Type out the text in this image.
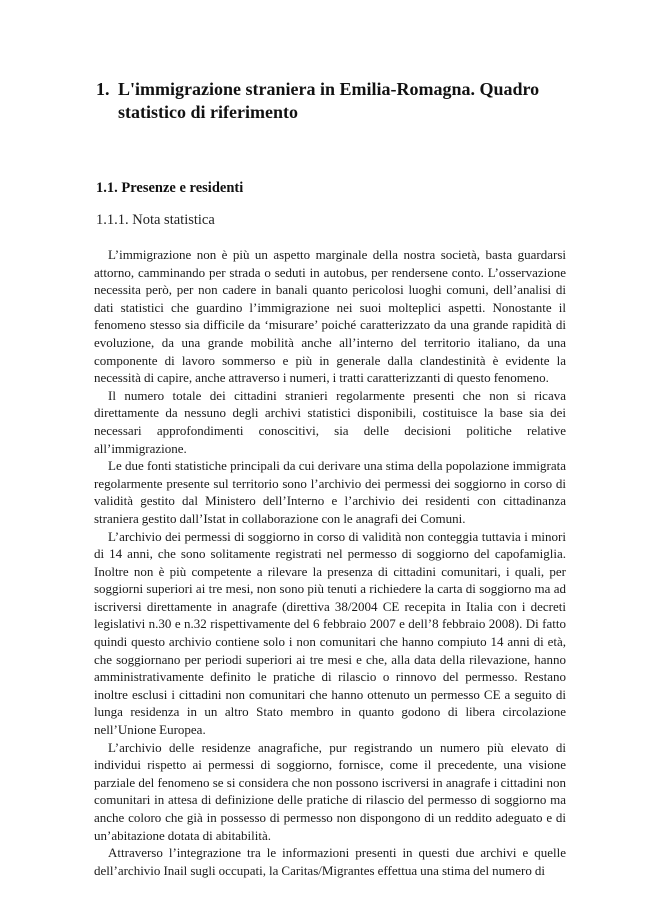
1. L'immigrazione straniera in Emilia-Romagna. Quadro statistico di riferimento
1.1. Presenze e residenti
1.1.1. Nota statistica

L’immigrazione non è più un aspetto marginale della nostra società, basta guardarsi attorno, camminando per strada o seduti in autobus, per rendersene conto. L’osservazione necessita però, per non cadere in banali quanto pericolosi luoghi comuni, dell’analisi di dati statistici che guardino l’immigrazione nei suoi molteplici aspetti. Nonostante il fenomeno stesso sia difficile da ‘misurare’ poiché caratterizzato da una grande rapidità di evoluzione, da una grande mobilità anche all’interno del territorio italiano, da una componente di lavoro sommerso e più in generale dalla clandestinità è evidente la necessità di capire, anche attraverso i numeri, i tratti caratterizzanti di questo fenomeno.

Il numero totale dei cittadini stranieri regolarmente presenti che non si ricava direttamente da nessuno degli archivi statistici disponibili, costituisce la base sia dei necessari approfondimenti conoscitivi, sia delle decisioni politiche relative all’immigrazione.

Le due fonti statistiche principali da cui derivare una stima della popolazione immigrata regolarmente presente sul territorio sono l’archivio dei permessi dei soggiorno in corso di validità gestito dal Ministero dell’Interno e l’archivio dei residenti con cittadinanza straniera gestito dall’Istat in collaborazione con le anagrafi dei Comuni.

L’archivio dei permessi di soggiorno in corso di validità non conteggia tuttavia i minori di 14 anni, che sono solitamente registrati nel permesso di soggiorno del capofamiglia. Inoltre non è più competente a rilevare la presenza di cittadini comunitari, i quali, per soggiorni superiori ai tre mesi, non sono più tenuti a richiedere la carta di soggiorno ma ad iscriversi direttamente in anagrafe (direttiva 38/2004 CE recepita in Italia con i decreti legislativi n.30 e n.32 rispettivamente del 6 febbraio 2007 e dell’8 febbraio 2008). Di fatto quindi questo archivio contiene solo i non comunitari che hanno compiuto 14 anni di età, che soggiornano per periodi superiori ai tre mesi e che, alla data della rilevazione, hanno amministrativamente definito le pratiche di rilascio o rinnovo del permesso. Restano inoltre esclusi i cittadini non comunitari che hanno ottenuto un permesso CE a seguito di lunga residenza in un altro Stato membro in quanto godono di libera circolazione nell’Unione Europea.

L’archivio delle residenze anagrafiche, pur registrando un numero più elevato di individui rispetto ai permessi di soggiorno, fornisce, come il precedente, una visione parziale del fenomeno se si considera che non possono iscriversi in anagrafe i cittadini non comunitari in attesa di definizione delle pratiche di rilascio del permesso di soggiorno ma anche coloro che già in possesso di permesso non dispongono di un reddito adeguato e di un’abitazione dotata di abitabilità.

Attraverso l’integrazione tra le informazioni presenti in questi due archivi e quelle dell’archivio Inail sugli occupati, la Caritas/Migrantes effettua una stima del numero di
